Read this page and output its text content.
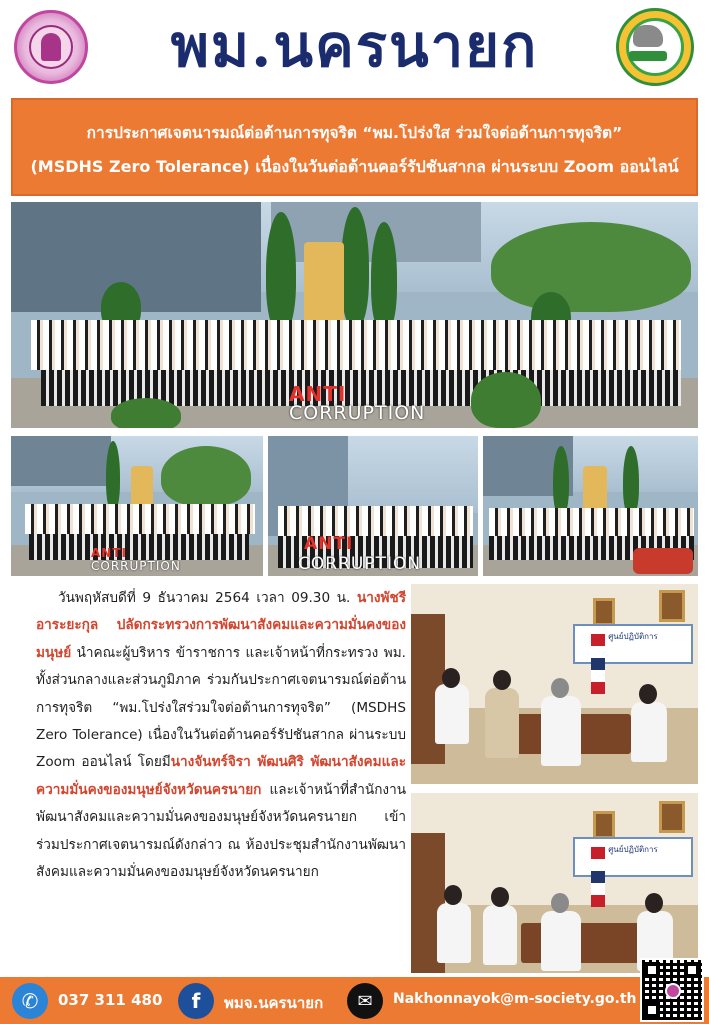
พม.นครนายก
การประกาศเจตนารมณ์ต่อต้านการทุจริต “พม.โปร่งใส ร่วมใจต่อต้านการทุจริต”
(MSDHS Zero Tolerance) เนื่องในวันต่อต้านคอร์รัปชันสากล ผ่านระบบ Zoom ออนไลน์
ANTI
CORRUPTION
ANTI
CORRUPTION
ANTI
CORRUPTION
วันพฤหัสบดีที่ 9 ธันวาคม 2564 เวลา 09.30 น. นางพัชรี อาระยะกุล ปลัดกระทรวงการพัฒนาสังคมและความมั่นคงของมนุษย์ นำคณะผู้บริหาร ข้าราชการ และเจ้าหน้าที่กระทรวง พม. ทั้งส่วนกลางและส่วนภูมิภาค ร่วมกันประกาศเจตนารมณ์ต่อต้านการทุจริต “พม.โปร่งใสร่วมใจต่อต้านการทุจริต” (MSDHS Zero Tolerance) เนื่องในวันต่อต้านคอร์รัปชันสากล ผ่านระบบ Zoom ออนไลน์ โดยมีนางจันทร์จิรา พัฒนศิริ พัฒนาสังคมและความมั่นคงของมนุษย์จังหวัดนครนายก และเจ้าหน้าที่สำนักงานพัฒนาสังคมและความมั่นคงของมนุษย์จังหวัดนครนายก เข้าร่วมประกาศเจตนารมณ์ดังกล่าว ณ ห้องประชุมสำนักงานพัฒนาสังคมและความมั่นคงของมนุษย์จังหวัดนครนายก
ศูนย์ปฏิบัติการ
ศูนย์ปฏิบัติการ
✆	037 311 480	f	พมจ.นครนายก	✉	Nakhonnayok@m-society.go.th
